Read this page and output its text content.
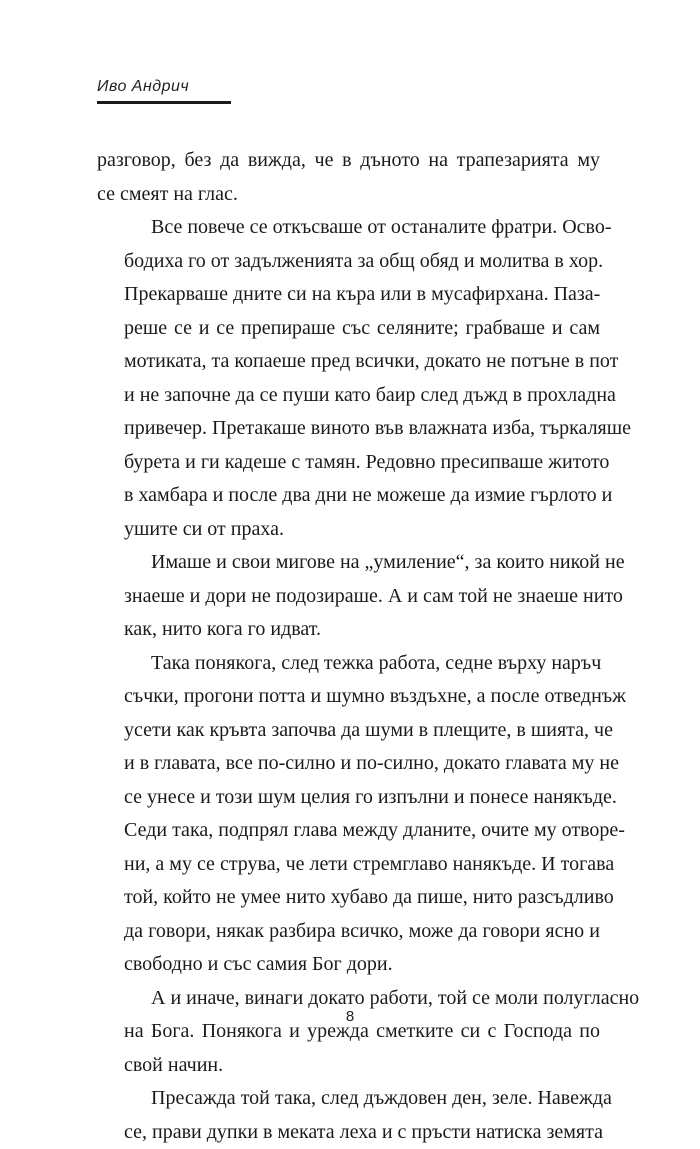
Иво Андрич
разговор, без да вижда, че в дъното на трапезарията му
се смеят на глас.
Все повече се откъсваше от останалите фратри. Осво-
бодиха го от задълженията за общ обяд и молитва в хор.
Прекарваше дните си на кърa или в мусафирхана. Паза-
реше се и се препираше със селяните; грабваше и сам
мотиката, та копаеше пред всички, докато не потъне в пот
и не започне да се пуши като баир след дъжд в прохладна
привечер. Претакаше виното във влажната изба, търкаляше
бурета и ги кадеше с тамян. Редовно пресипваше житото
в хамбара и после два дни не можеше да измие гърлото и
ушите си от праха.
Имаше и свои мигове на „умиление“, за които никой не
знаеше и дори не подозираше. А и сам той не знаеше нито
как, нито кога го идват.
Така понякога, след тежка работа, седне върху наръч
съчки, прогони потта и шумно въздъхне, а после отведнъж
усети как кръвта започва да шуми в плещите, в шията, че
и в главата, все по-силно и по-силно, докато главата му не
се унесе и този шум целия го изпълни и понесе нанякъде.
Седи така, подпрял глава между дланите, очите му отворе-
ни, а му се струва, че лети стремглаво нанякъде. И тогава
той, който не умее нито хубаво да пише, нито разсъдливо
да говори, някак разбира всичко, може да говори ясно и
свободно и със самия Бог дори.
А и иначе, винаги докато работи, той се моли полугласно
на Бога. Понякога и урежда сметките си с Господа по
свой начин.
Пресажда той така, след дъждовен ден, зеле. Навежда
се, прави дупки в меката леха и с пръсти натиска земята
8
